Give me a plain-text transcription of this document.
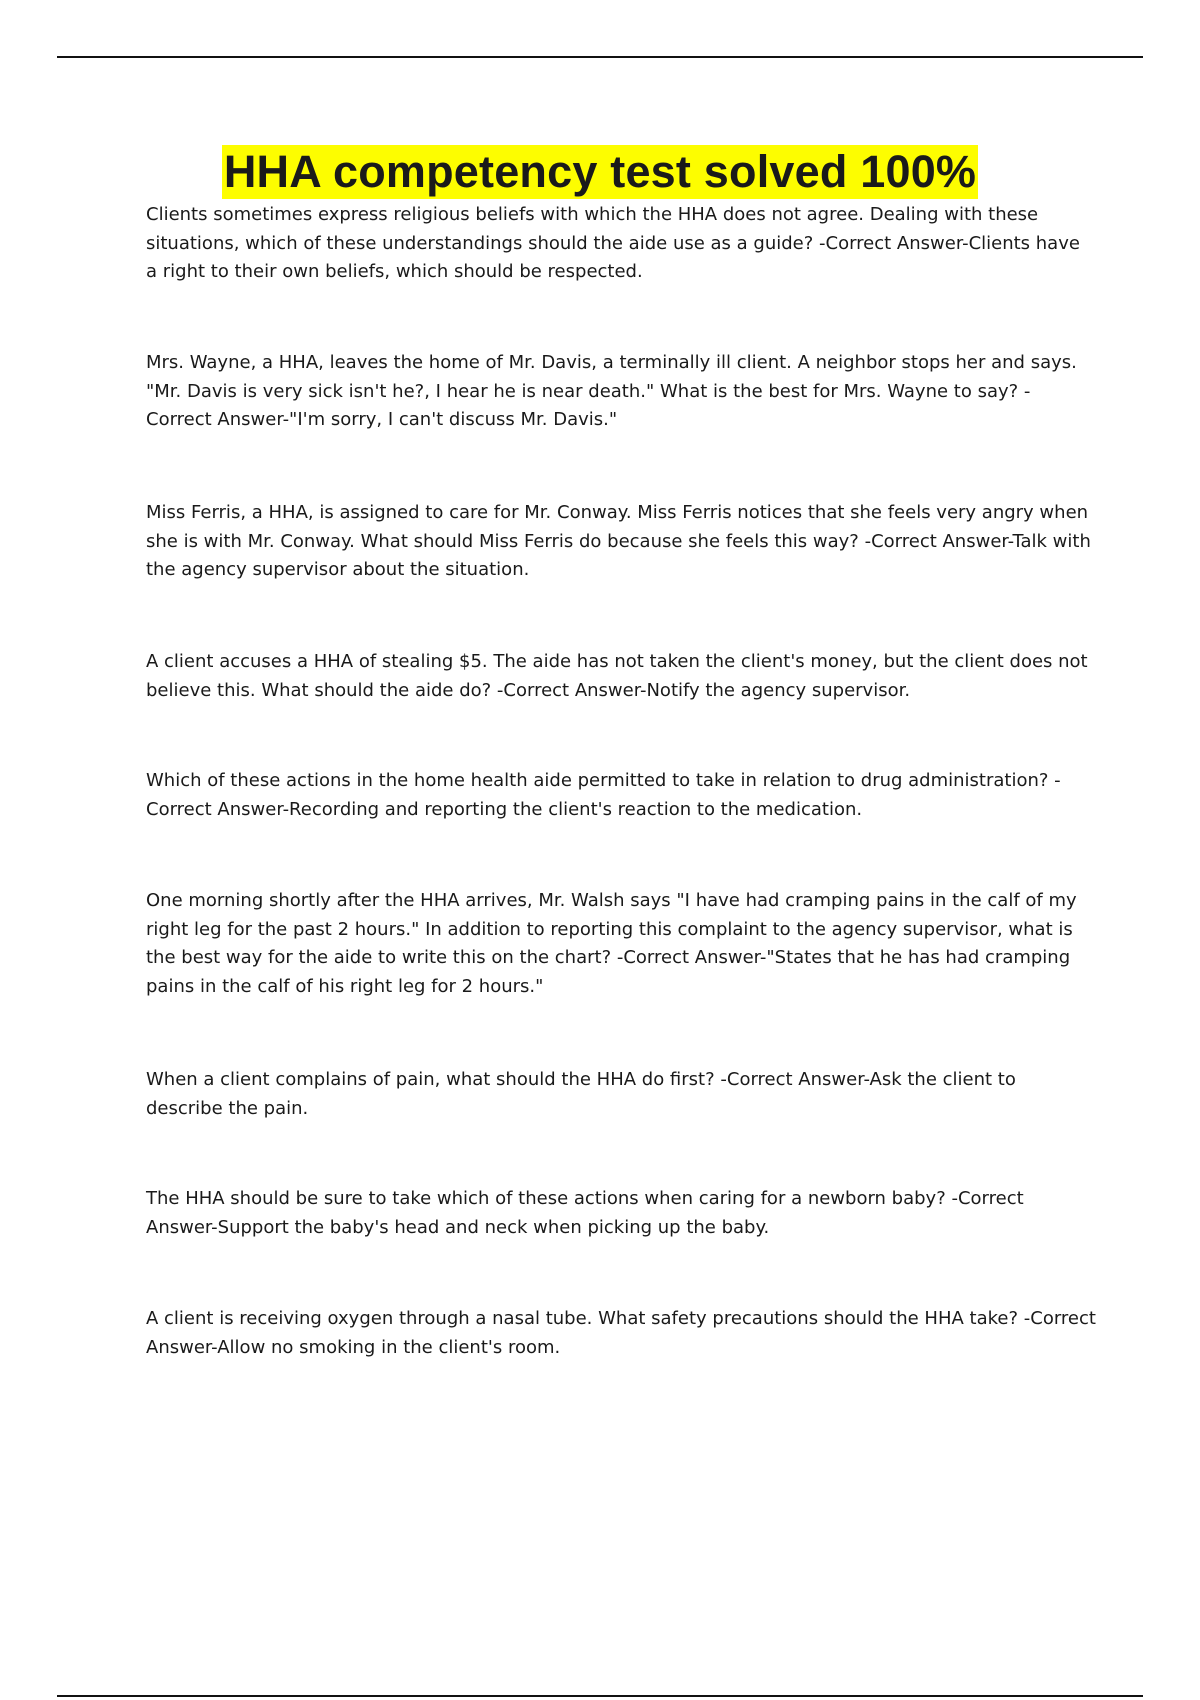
HHA competency test solved 100%

Clients sometimes express religious beliefs with which the HHA does not agree. Dealing with these situations, which of these understandings should the aide use as a guide? -Correct Answer-Clients have a right to their own beliefs, which should be respected.

Mrs. Wayne, a HHA, leaves the home of Mr. Davis, a terminally ill client. A neighbor stops her and says. "Mr. Davis is very sick isn't he?, I hear he is near death." What is the best for Mrs. Wayne to say? -Correct Answer-"I'm sorry, I can't discuss Mr. Davis."

Miss Ferris, a HHA, is assigned to care for Mr. Conway. Miss Ferris notices that she feels very angry when she is with Mr. Conway. What should Miss Ferris do because she feels this way? -Correct Answer-Talk with the agency supervisor about the situation.

A client accuses a HHA of stealing $5. The aide has not taken the client's money, but the client does not believe this. What should the aide do? -Correct Answer-Notify the agency supervisor.

Which of these actions in the home health aide permitted to take in relation to drug administration? -Correct Answer-Recording and reporting the client's reaction to the medication.

One morning shortly after the HHA arrives, Mr. Walsh says "I have had cramping pains in the calf of my right leg for the past 2 hours." In addition to reporting this complaint to the agency supervisor, what is the best way for the aide to write this on the chart? -Correct Answer-"States that he has had cramping pains in the calf of his right leg for 2 hours."

When a client complains of pain, what should the HHA do first? -Correct Answer-Ask the client to describe the pain.

The HHA should be sure to take which of these actions when caring for a newborn baby? -Correct Answer-Support the baby's head and neck when picking up the baby.

A client is receiving oxygen through a nasal tube. What safety precautions should the HHA take? -Correct Answer-Allow no smoking in the client's room.
